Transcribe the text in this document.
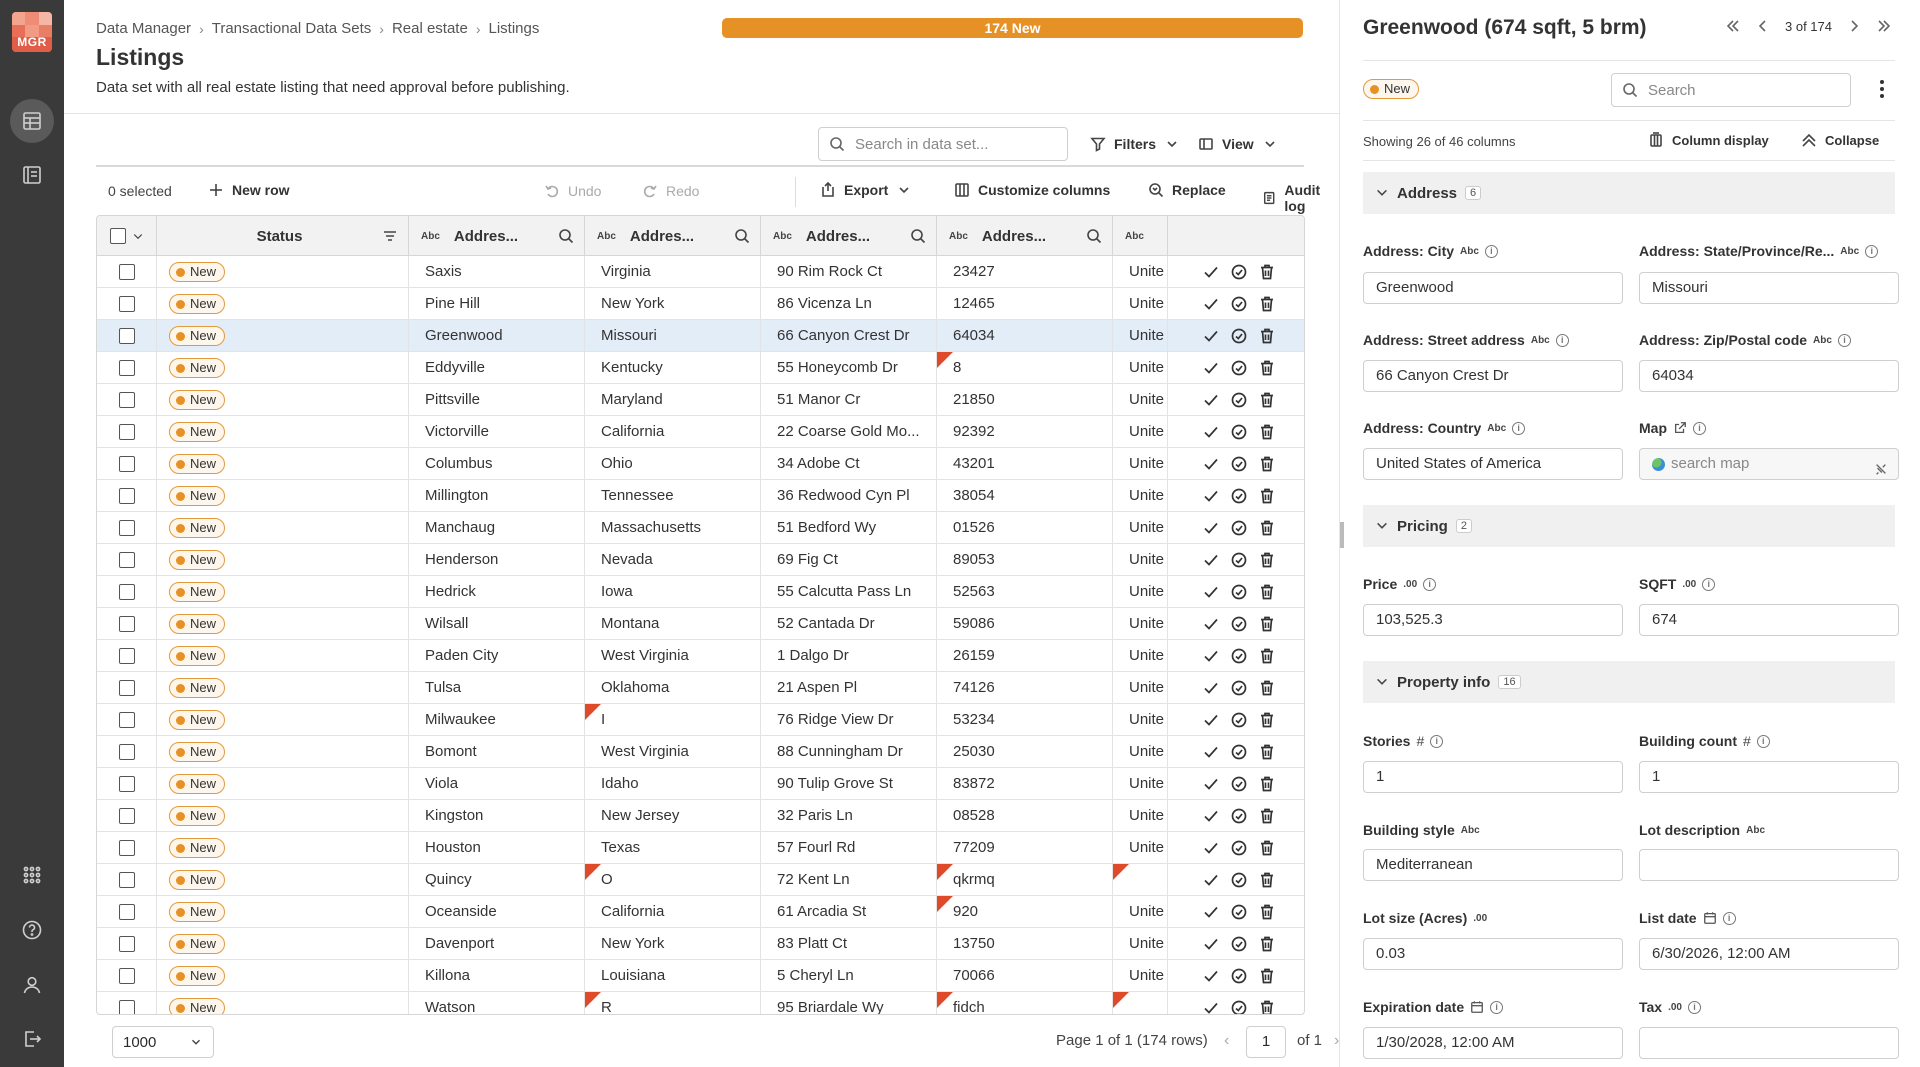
MGR
Data Manager › Transactional Data Sets › Real estate › Listings	174 New
Listings
Data set with all real estate listing that need approval before publishing.
Search in data set...	Filters	View
0 selected	New row	Undo	Redo	Export	Customize columns	Replace	Audit log
Status	Abc Addres...	Abc Addres...	Abc Addres...	Abc Addres...	Abc
New	Saxis	Virginia	90 Rim Rock Ct	23427	Unite
New	Pine Hill	New York	86 Vicenza Ln	12465	Unite
New	Greenwood	Missouri	66 Canyon Crest Dr	64034	Unite
New	Eddyville	Kentucky	55 Honeycomb Dr	8	Unite
New	Pittsville	Maryland	51 Manor Cr	21850	Unite
New	Victorville	California	22 Coarse Gold Mo...	92392	Unite
New	Columbus	Ohio	34 Adobe Ct	43201	Unite
New	Millington	Tennessee	36 Redwood Cyn Pl	38054	Unite
New	Manchaug	Massachusetts	51 Bedford Wy	01526	Unite
New	Henderson	Nevada	69 Fig Ct	89053	Unite
New	Hedrick	Iowa	55 Calcutta Pass Ln	52563	Unite
New	Wilsall	Montana	52 Cantada Dr	59086	Unite
New	Paden City	West Virginia	1 Dalgo Dr	26159	Unite
New	Tulsa	Oklahoma	21 Aspen Pl	74126	Unite
New	Milwaukee	I	76 Ridge View Dr	53234	Unite
New	Bomont	West Virginia	88 Cunningham Dr	25030	Unite
New	Viola	Idaho	90 Tulip Grove St	83872	Unite
New	Kingston	New Jersey	32 Paris Ln	08528	Unite
New	Houston	Texas	57 Fourl Rd	77209	Unite
New	Quincy	O	72 Kent Ln	qkrmq
New	Oceanside	California	61 Arcadia St	920	Unite
New	Davenport	New York	83 Platt Ct	13750	Unite
New	Killona	Louisiana	5 Cheryl Ln	70066	Unite
New	Watson	R	95 Briardale Wy	fidch
1000	Page 1 of 1 (174 rows) ‹	1	of 1 ›
Greenwood (674 sqft, 5 brm)	3 of 174
New	Search
Showing 26 of 46 columns	Column display	Collapse
Address	6
Address: City Abc	i
Greenwood
Address: State/Province/Re... Abc	i
Missouri
Address: Street address Abc	i
66 Canyon Crest Dr
Address: Zip/Postal code Abc	i
64034
Address: Country Abc	i
United States of America
Map	i
search map
Pricing	2
Price .00	i
103,525.3
SQFT .00	i
674
Property info	16
Stories #	i
1
Building count #	i
1
Building style Abc
Mediterranean
Lot description Abc
Lot size (Acres) .00
0.03
List date	i
6/30/2026, 12:00 AM
Expiration date	i
1/30/2028, 12:00 AM
Tax .00	i
